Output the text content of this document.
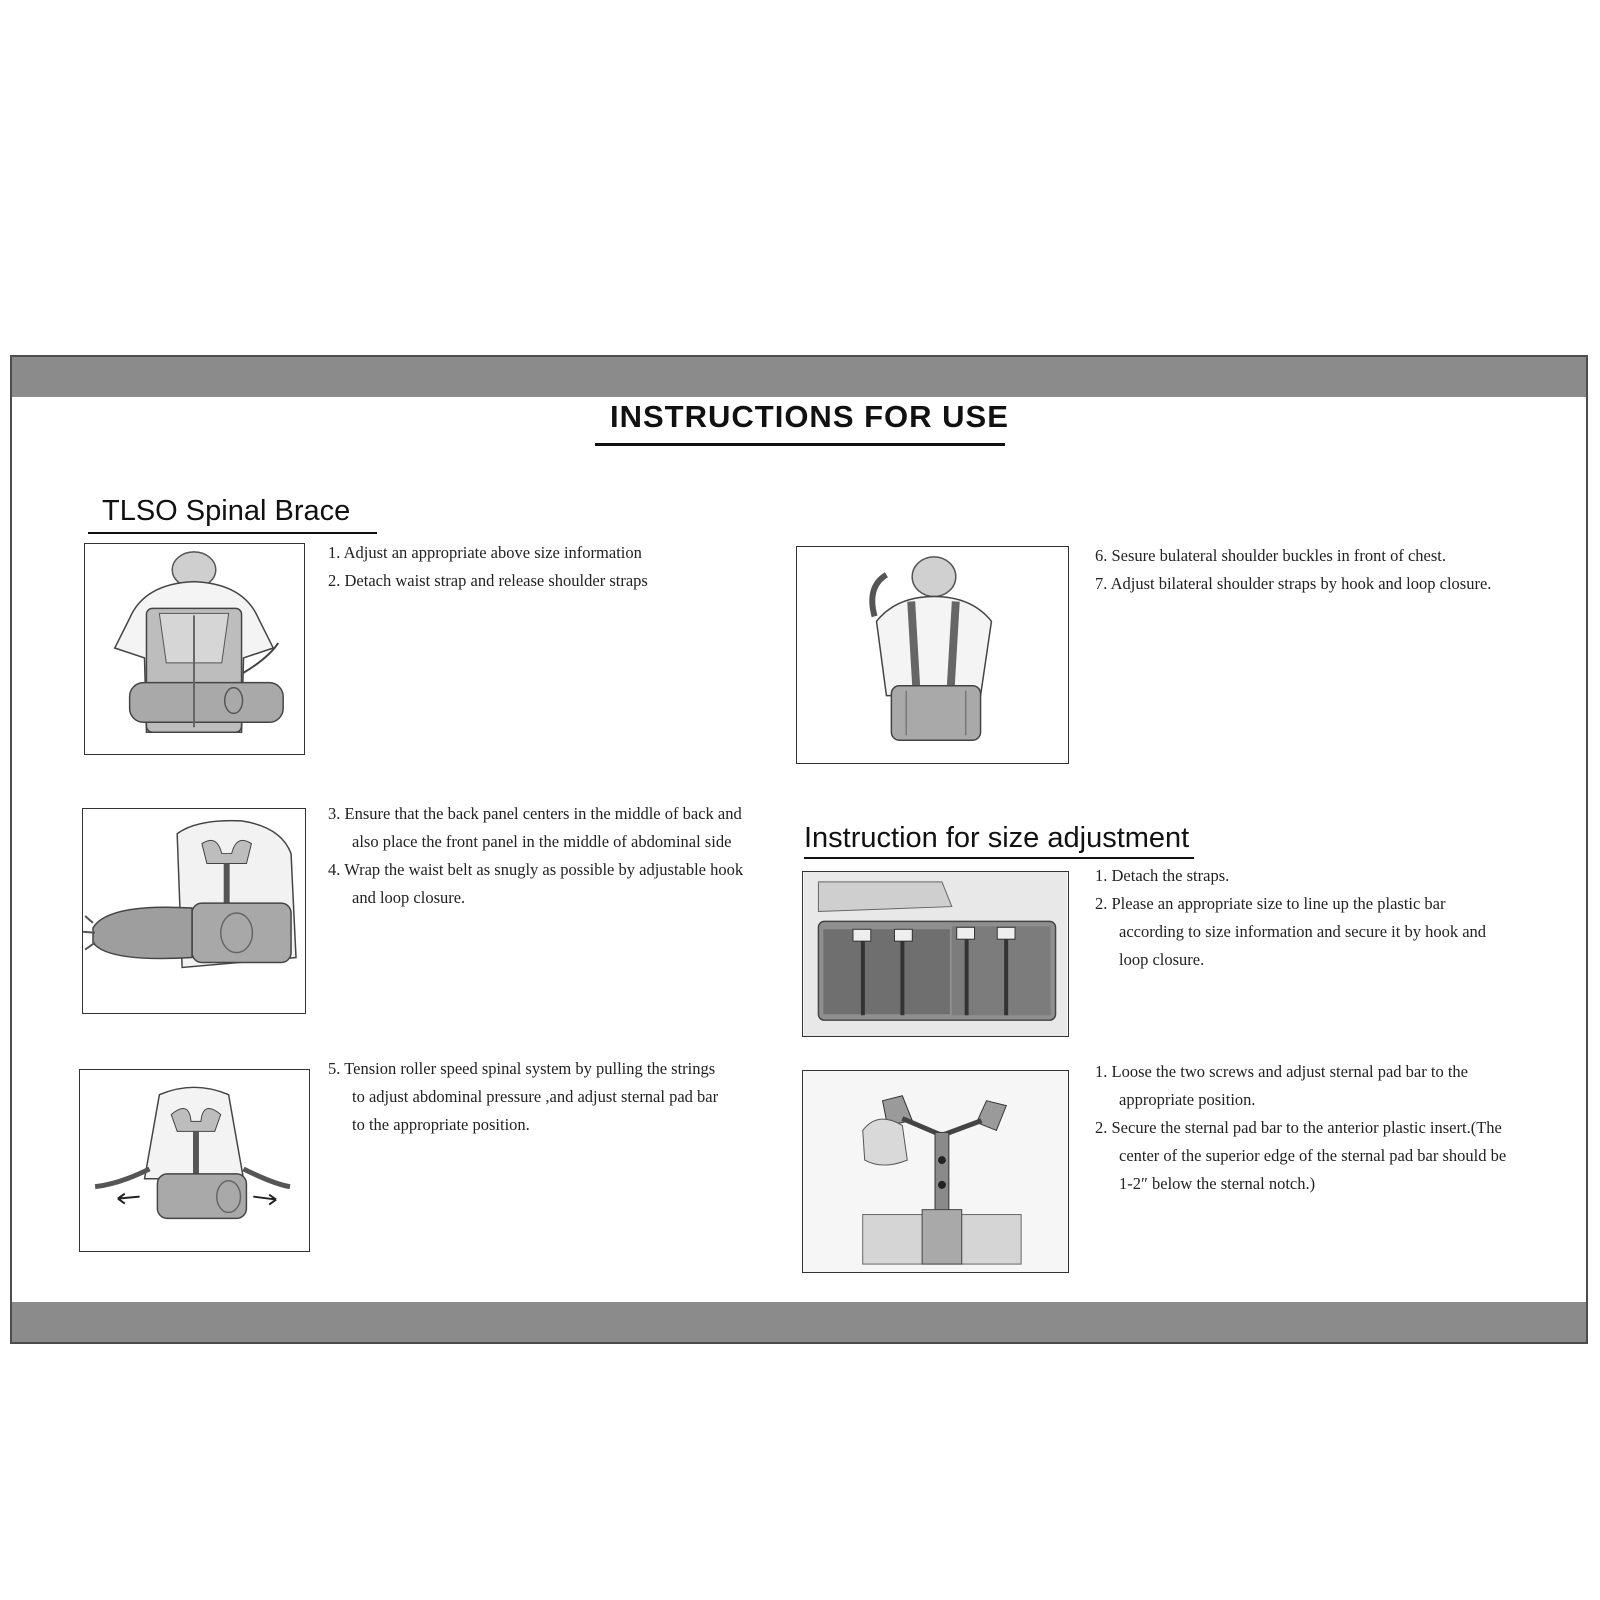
INSTRUCTIONS FOR USE
TLSO Spinal Brace
Instruction for size adjustment
1. Adjust an appropriate above size information
2. Detach waist strap and release shoulder straps
3. Ensure that the back panel centers in the middle of back and also place the front panel in the middle of abdominal side
4. Wrap the waist belt as snugly as possible by adjustable hook and loop closure.
5. Tension roller speed spinal system by pulling the strings to adjust abdominal pressure ,and adjust sternal pad bar to the appropriate position.
6. Sesure bulateral shoulder buckles in front of chest.
7. Adjust bilateral shoulder straps by hook and loop closure.
1. Detach the straps.
2. Please an appropriate size to line up the plastic bar according to size information and secure it by hook and loop closure.
1. Loose the two screws and adjust sternal pad bar to the appropriate position.
2. Secure the sternal pad bar to the anterior plastic insert.(The center of the superior edge of the sternal pad bar should be 1-2″ below the sternal notch.)
